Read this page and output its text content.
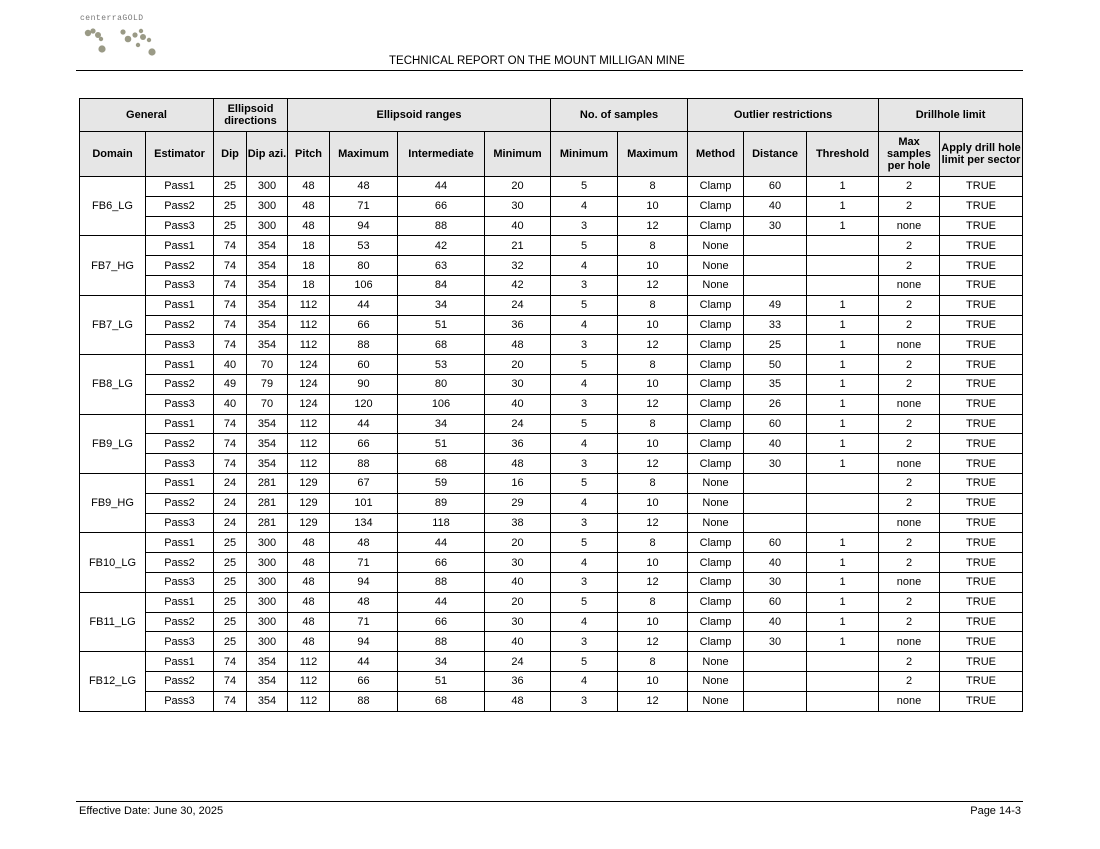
centerraGOLD
TECHNICAL REPORT ON THE MOUNT MILLIGAN MINE
General		Ellipsoid directions		Ellipsoid ranges				No. of samples		Outlier restrictions			Drillhole limit	
Domain	Estimator	Dip	Dip azi.	Pitch	Maximum	Intermediate	Minimum	Minimum	Maximum	Method	Distance	Threshold	Max samples per hole	Apply drill hole limit per sector
FB6_LG	Pass1	25	300	48	48	44	20	5	8	Clamp	60	1	2	TRUE
	Pass2	25	300	48	71	66	30	4	10	Clamp	40	1	2	TRUE
	Pass3	25	300	48	94	88	40	3	12	Clamp	30	1	none	TRUE
FB7_HG	Pass1	74	354	18	53	42	21	5	8	None			2	TRUE
	Pass2	74	354	18	80	63	32	4	10	None			2	TRUE
	Pass3	74	354	18	106	84	42	3	12	None			none	TRUE
FB7_LG	Pass1	74	354	112	44	34	24	5	8	Clamp	49	1	2	TRUE
	Pass2	74	354	112	66	51	36	4	10	Clamp	33	1	2	TRUE
	Pass3	74	354	112	88	68	48	3	12	Clamp	25	1	none	TRUE
FB8_LG	Pass1	40	70	124	60	53	20	5	8	Clamp	50	1	2	TRUE
	Pass2	49	79	124	90	80	30	4	10	Clamp	35	1	2	TRUE
	Pass3	40	70	124	120	106	40	3	12	Clamp	26	1	none	TRUE
FB9_LG	Pass1	74	354	112	44	34	24	5	8	Clamp	60	1	2	TRUE
	Pass2	74	354	112	66	51	36	4	10	Clamp	40	1	2	TRUE
	Pass3	74	354	112	88	68	48	3	12	Clamp	30	1	none	TRUE
FB9_HG	Pass1	24	281	129	67	59	16	5	8	None			2	TRUE
	Pass2	24	281	129	101	89	29	4	10	None			2	TRUE
	Pass3	24	281	129	134	118	38	3	12	None			none	TRUE
FB10_LG	Pass1	25	300	48	48	44	20	5	8	Clamp	60	1	2	TRUE
	Pass2	25	300	48	71	66	30	4	10	Clamp	40	1	2	TRUE
	Pass3	25	300	48	94	88	40	3	12	Clamp	30	1	none	TRUE
FB11_LG	Pass1	25	300	48	48	44	20	5	8	Clamp	60	1	2	TRUE
	Pass2	25	300	48	71	66	30	4	10	Clamp	40	1	2	TRUE
	Pass3	25	300	48	94	88	40	3	12	Clamp	30	1	none	TRUE
FB12_LG	Pass1	74	354	112	44	34	24	5	8	None			2	TRUE
	Pass2	74	354	112	66	51	36	4	10	None			2	TRUE
	Pass3	74	354	112	88	68	48	3	12	None			none	TRUE
Effective Date: June 30, 2025	Page 14-3
